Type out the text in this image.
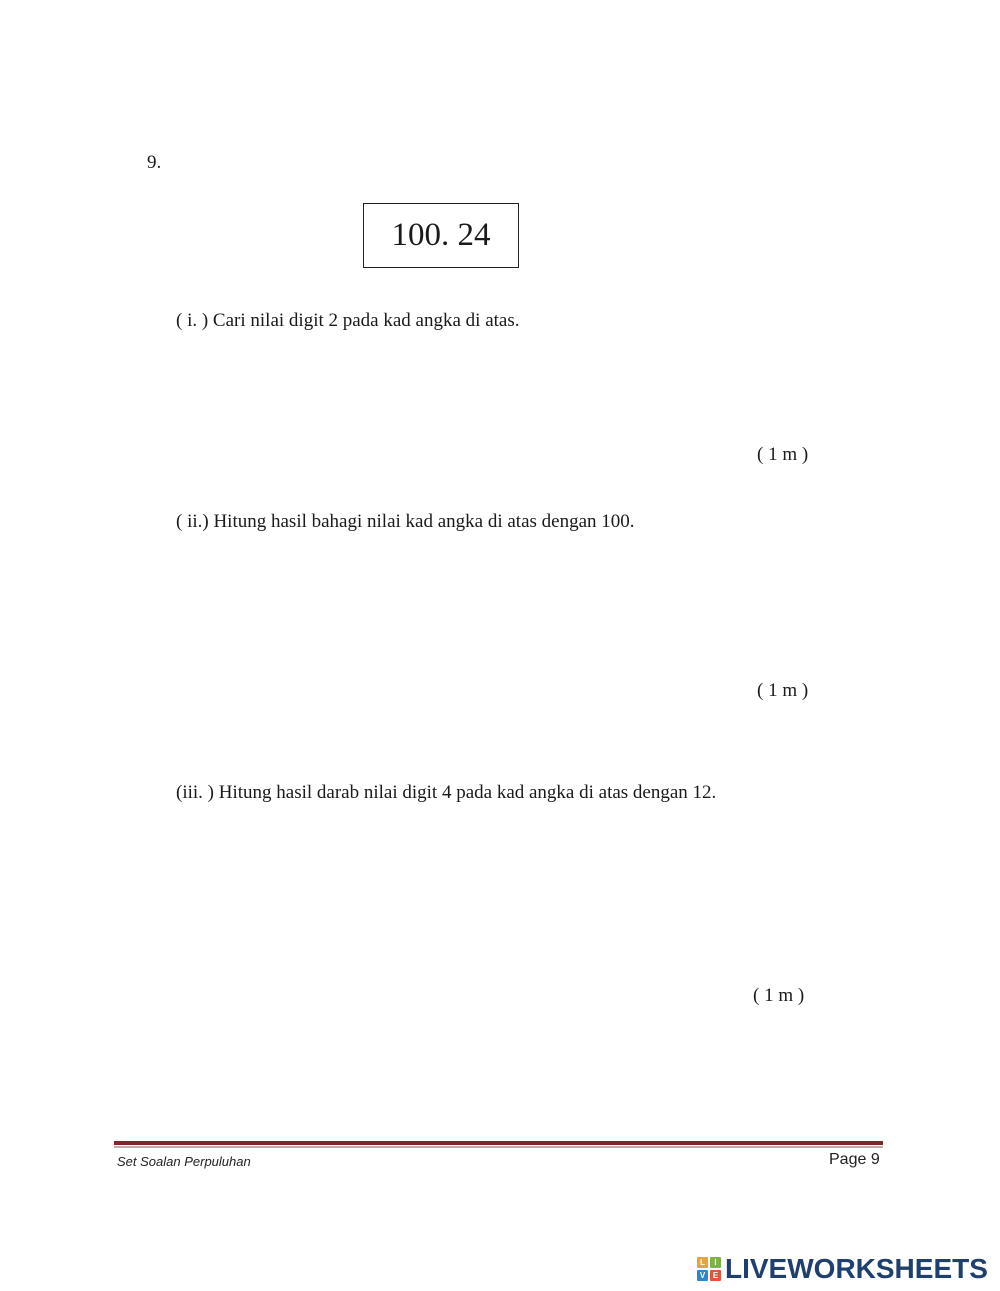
9.
100. 24
( i. ) Cari nilai digit 2 pada kad angka di atas.
( 1 m )
( ii.) Hitung hasil bahagi nilai kad angka di atas dengan 100.
( 1 m )
(iii. ) Hitung hasil darab nilai digit 4 pada kad angka di atas dengan 12.
( 1 m )
Set Soalan Perpuluhan	Page 9
L	I
V E LIVEWORKSHEETS
